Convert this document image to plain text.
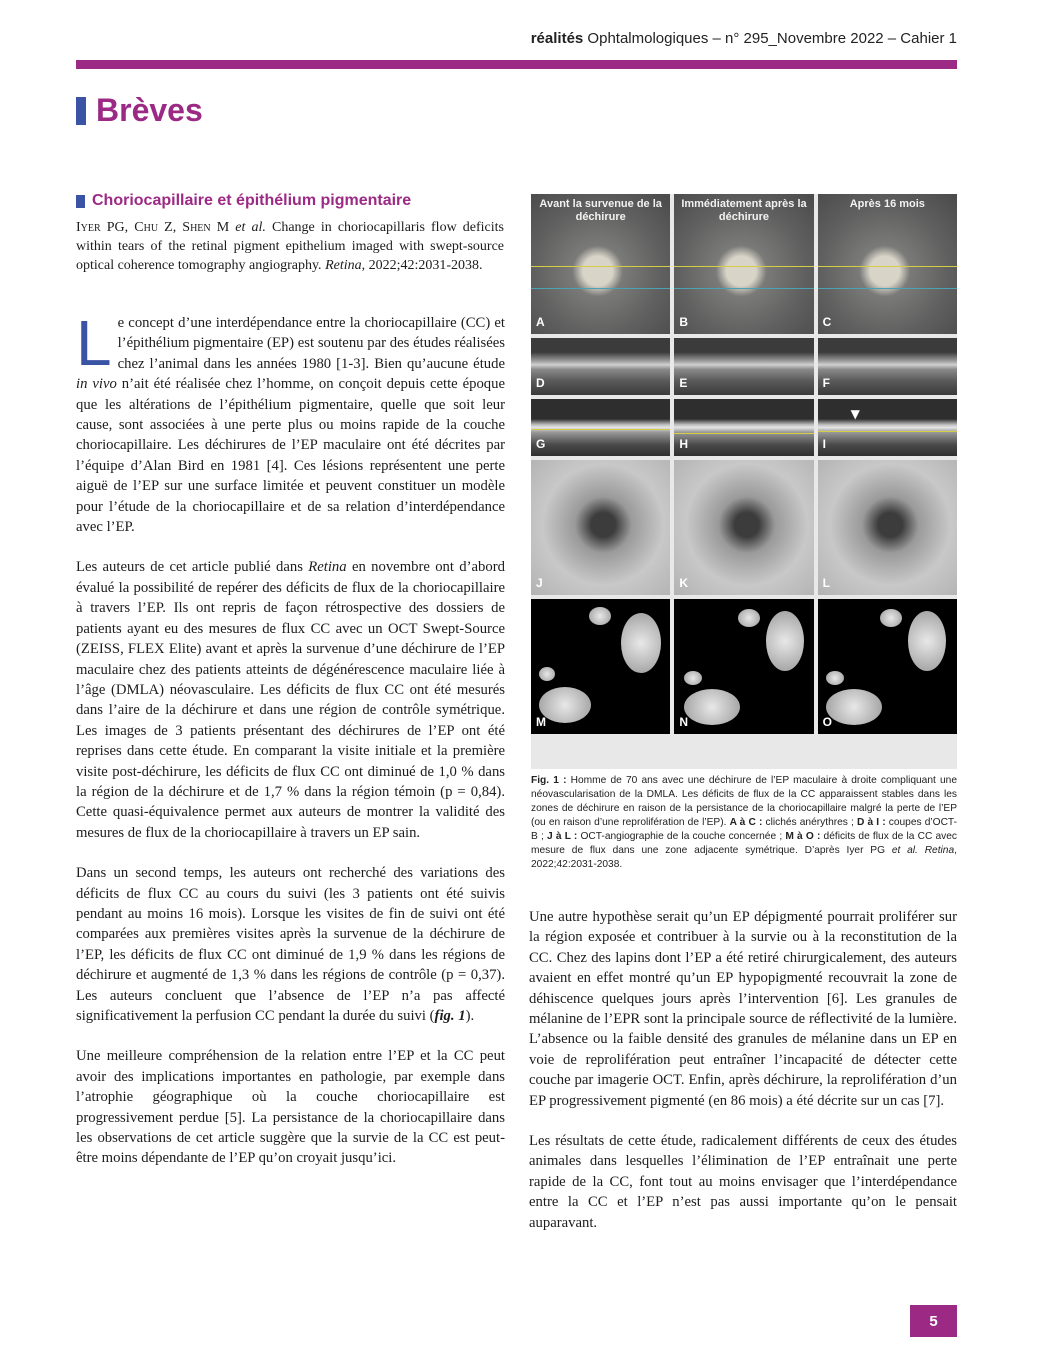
réalités Ophtalmologiques – n° 295_Novembre 2022 – Cahier 1
Brèves
Choriocapillaire et épithélium pigmentaire
Iyer PG, Chu Z, Shen M et al. Change in choriocapillaris flow deficits within tears of the retinal pigment epithelium imaged with swept-source optical coherence tomography angiography. Retina, 2022;42:2031-2038.

Le concept d’une interdépendance entre la choriocapillaire (CC) et l’épithélium pigmentaire (EP) est soutenu par des études réalisées chez l’animal dans les années 1980 [1-3]. Bien qu’aucune étude in vivo n’ait été réalisée chez l’homme, on conçoit depuis cette époque que les altérations de l’épithélium pigmentaire, quelle que soit leur cause, sont associées à une perte plus ou moins rapide de la couche choriocapillaire. Les déchirures de l’EP maculaire ont été décrites par l’équipe d’Alan Bird en 1981 [4]. Ces lésions représentent une perte aiguë de l’EP sur une surface limitée et peuvent constituer un modèle pour l’étude de la choriocapillaire et de sa relation d’interdépendance avec l’EP.

Les auteurs de cet article publié dans Retina en novembre ont d’abord évalué la possibilité de repérer des déficits de flux de la choriocapillaire à travers l’EP. Ils ont repris de façon rétrospective des dossiers de patients ayant eu des mesures de flux CC avec un OCT Swept-Source (ZEISS, FLEX Elite) avant et après la survenue d’une déchirure de l’EP maculaire chez des patients atteints de dégénérescence maculaire liée à l’âge (DMLA) néovasculaire. Les déficits de flux CC ont été mesurés dans l’aire de la déchirure et dans une région de contrôle symétrique. Les images de 3 patients présentant des déchirures de l’EP ont été reprises dans cette étude. En comparant la visite initiale et la première visite post-déchirure, les déficits de flux CC ont diminué de 1,0 % dans la région de la déchirure et de 1,7 % dans la région témoin (p = 0,84). Cette quasi-équivalence permet aux auteurs de montrer la validité des mesures de flux de la choriocapillaire à travers un EP sain.

Dans un second temps, les auteurs ont recherché des variations des déficits de flux CC au cours du suivi (les 3 patients ont été suivis pendant au moins 16 mois). Lorsque les visites de fin de suivi ont été comparées aux premières visites après la survenue de la déchirure de l’EP, les déficits de flux CC ont diminué de 1,9 % dans les régions de déchirure et augmenté de 1,3 % dans les régions de contrôle (p = 0,37). Les auteurs concluent que l’absence de l’EP n’a pas affecté significativement la perfusion CC pendant la durée du suivi (fig. 1).

Une meilleure compréhension de la relation entre l’EP et la CC peut avoir des implications importantes en pathologie, par exemple dans l’atrophie géographique où la couche choriocapillaire est progressivement perdue [5]. La persistance de la choriocapillaire dans les observations de cet article suggère que la survie de la CC est peut-être moins dépendante de l’EP qu’on croyait jusqu’ici.

Avant la survenue de la déchirure
A
Immédiatement après la déchirure
B
Après 16 mois
C
D	E	F
G	H
▼
I
J	K	L
M	N	O
Fig. 1 : Homme de 70 ans avec une déchirure de l’EP maculaire à droite compliquant une néovascularisation de la DMLA. Les déficits de flux de la CC apparaissent stables dans les zones de déchirure en raison de la persistance de la choriocapillaire malgré la perte de l’EP (ou en raison d’une reprolifération de l’EP). A à C : clichés anérythres ; D à I : coupes d’OCT-B ; J à L : OCT-angiographie de la couche concernée ; M à O : déficits de flux de la CC avec mesure de flux dans une zone adjacente symétrique. D’après Iyer PG et al. Retina, 2022;42:2031-2038.

Une autre hypothèse serait qu’un EP dépigmenté pourrait proliférer sur la région exposée et contribuer à la survie ou à la reconstitution de la CC. Chez des lapins dont l’EP a été retiré chirurgicalement, des auteurs avaient en effet montré qu’un EP hypopigmenté recouvrait la zone de déhiscence quelques jours après l’intervention [6]. Les granules de mélanine de l’EPR sont la principale source de réflectivité de la lumière. L’absence ou la faible densité des granules de mélanine dans un EP en voie de reprolifération peut entraîner l’incapacité de détecter cette couche par imagerie OCT. Enfin, après déchirure, la reprolifération d’un EP progressivement pigmenté (en 86 mois) a été décrite sur un cas [7].

Les résultats de cette étude, radicalement différents de ceux des études animales dans lesquelles l’élimination de l’EP entraînait une perte rapide de la CC, font tout au moins envisager que l’interdépendance entre la CC et l’EP n’est pas aussi importante qu’on le pensait auparavant.

5
